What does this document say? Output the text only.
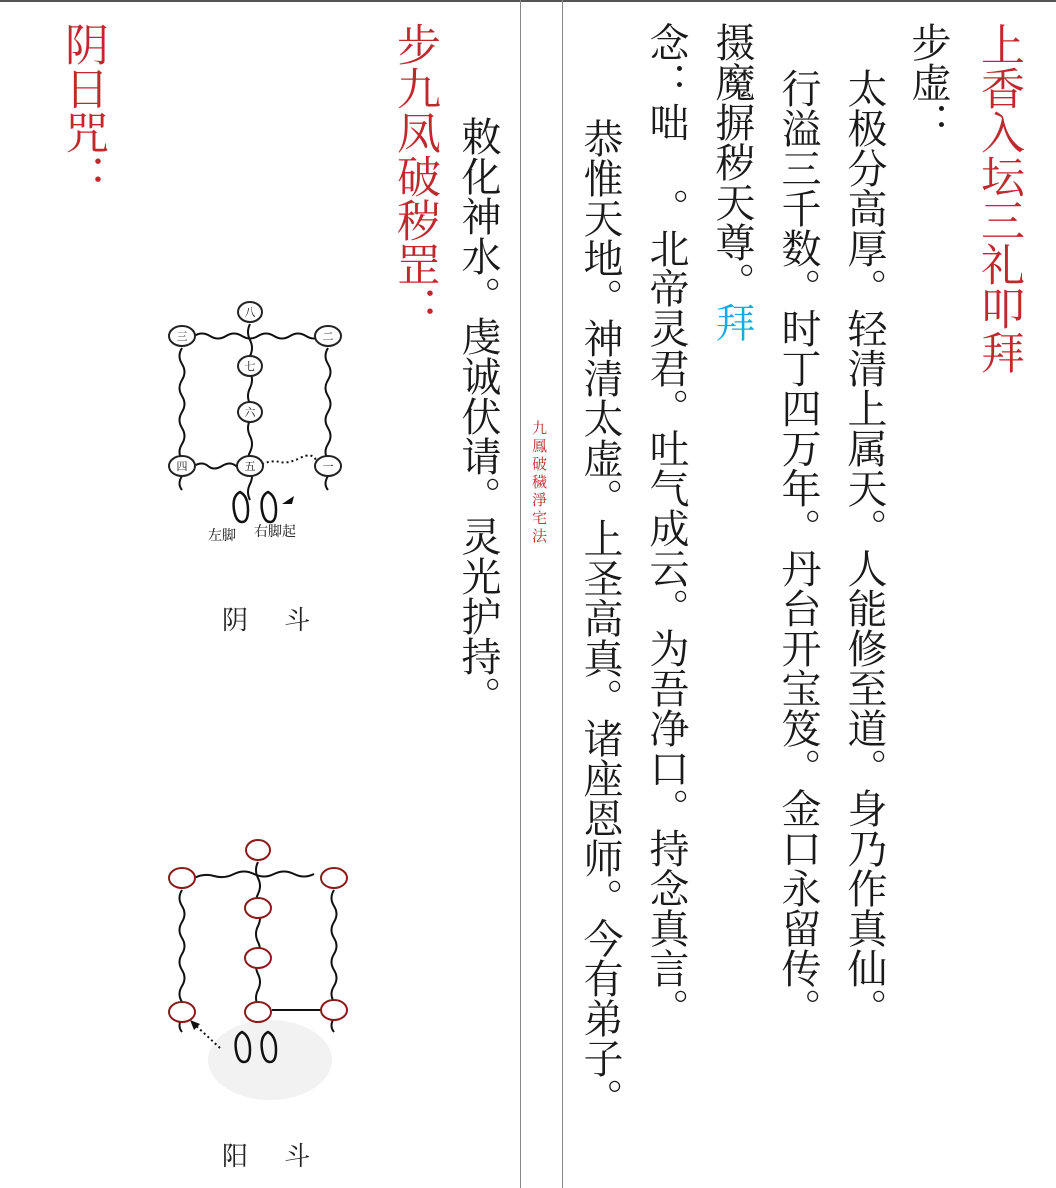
九鳳破穢淨宅法
上香入坛三礼叩拜
步虚：
太极分高厚。轻清上属天。人能修至道。身乃作真仙。
行溢三千数。时丁四万年。丹台开宝笈。金口永留传。
摄魔摒秽天尊。拜
念：咄 。北帝灵君。吐气成云。为吾净口。持念真言。
恭惟天地。神清太虚。上圣高真。诸座恩师。今有弟子。
敕化神水。虔诚伏请。灵光护持。
步九凤破秽罡：
阴日咒：
八
三	二
七
六
四	五	一
左脚 右脚起
阴 斗
阳 斗
